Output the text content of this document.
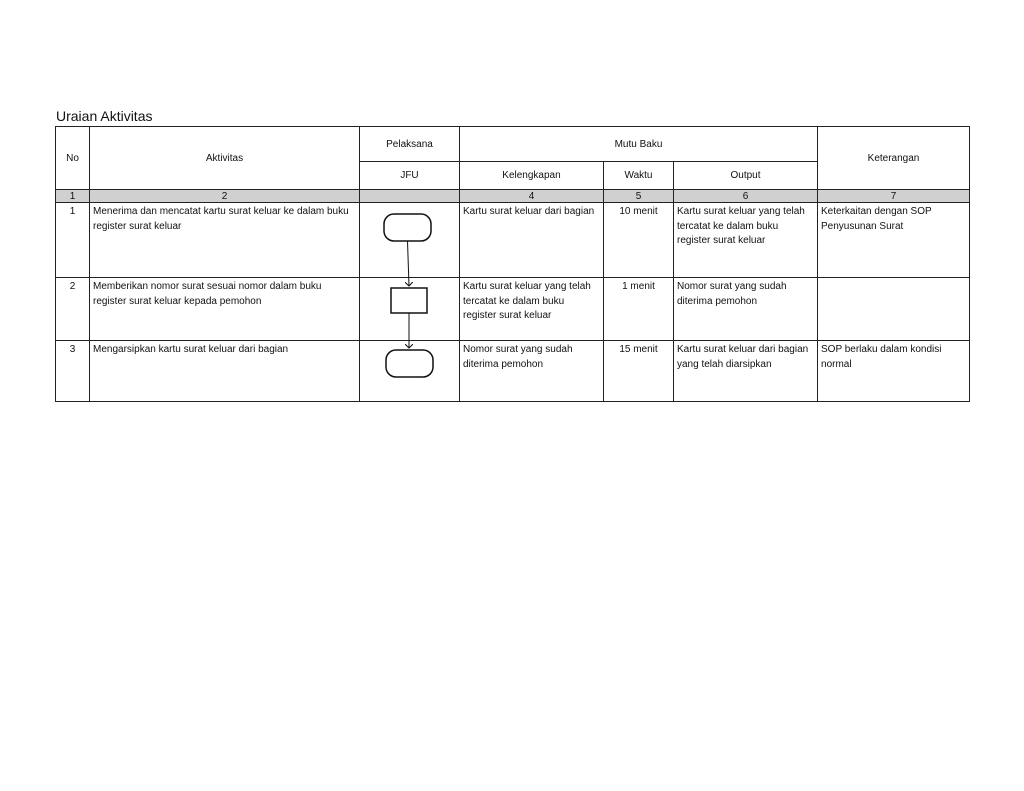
Uraian Aktivitas
No	Aktivitas	Pelaksana	Mutu Baku			Keterangan
		JFU	Kelengkapan	Waktu	Output	
1	2		4	5	6	7
1	Menerima dan mencatat kartu surat keluar ke dalam buku register surat keluar		Kartu surat keluar dari bagian	10 menit	Kartu surat keluar yang telah tercatat ke dalam buku register surat keluar	Keterkaitan dengan SOP Penyusunan Surat
2	Memberikan nomor surat sesuai nomor dalam buku register surat keluar kepada pemohon		Kartu surat keluar yang telah tercatat ke dalam buku register surat keluar	1 menit	Nomor surat yang sudah diterima pemohon	
3	Mengarsipkan kartu surat keluar dari bagian		Nomor surat yang sudah diterima pemohon	15 menit	Kartu surat keluar dari bagian yang telah diarsipkan	SOP berlaku dalam kondisi normal
